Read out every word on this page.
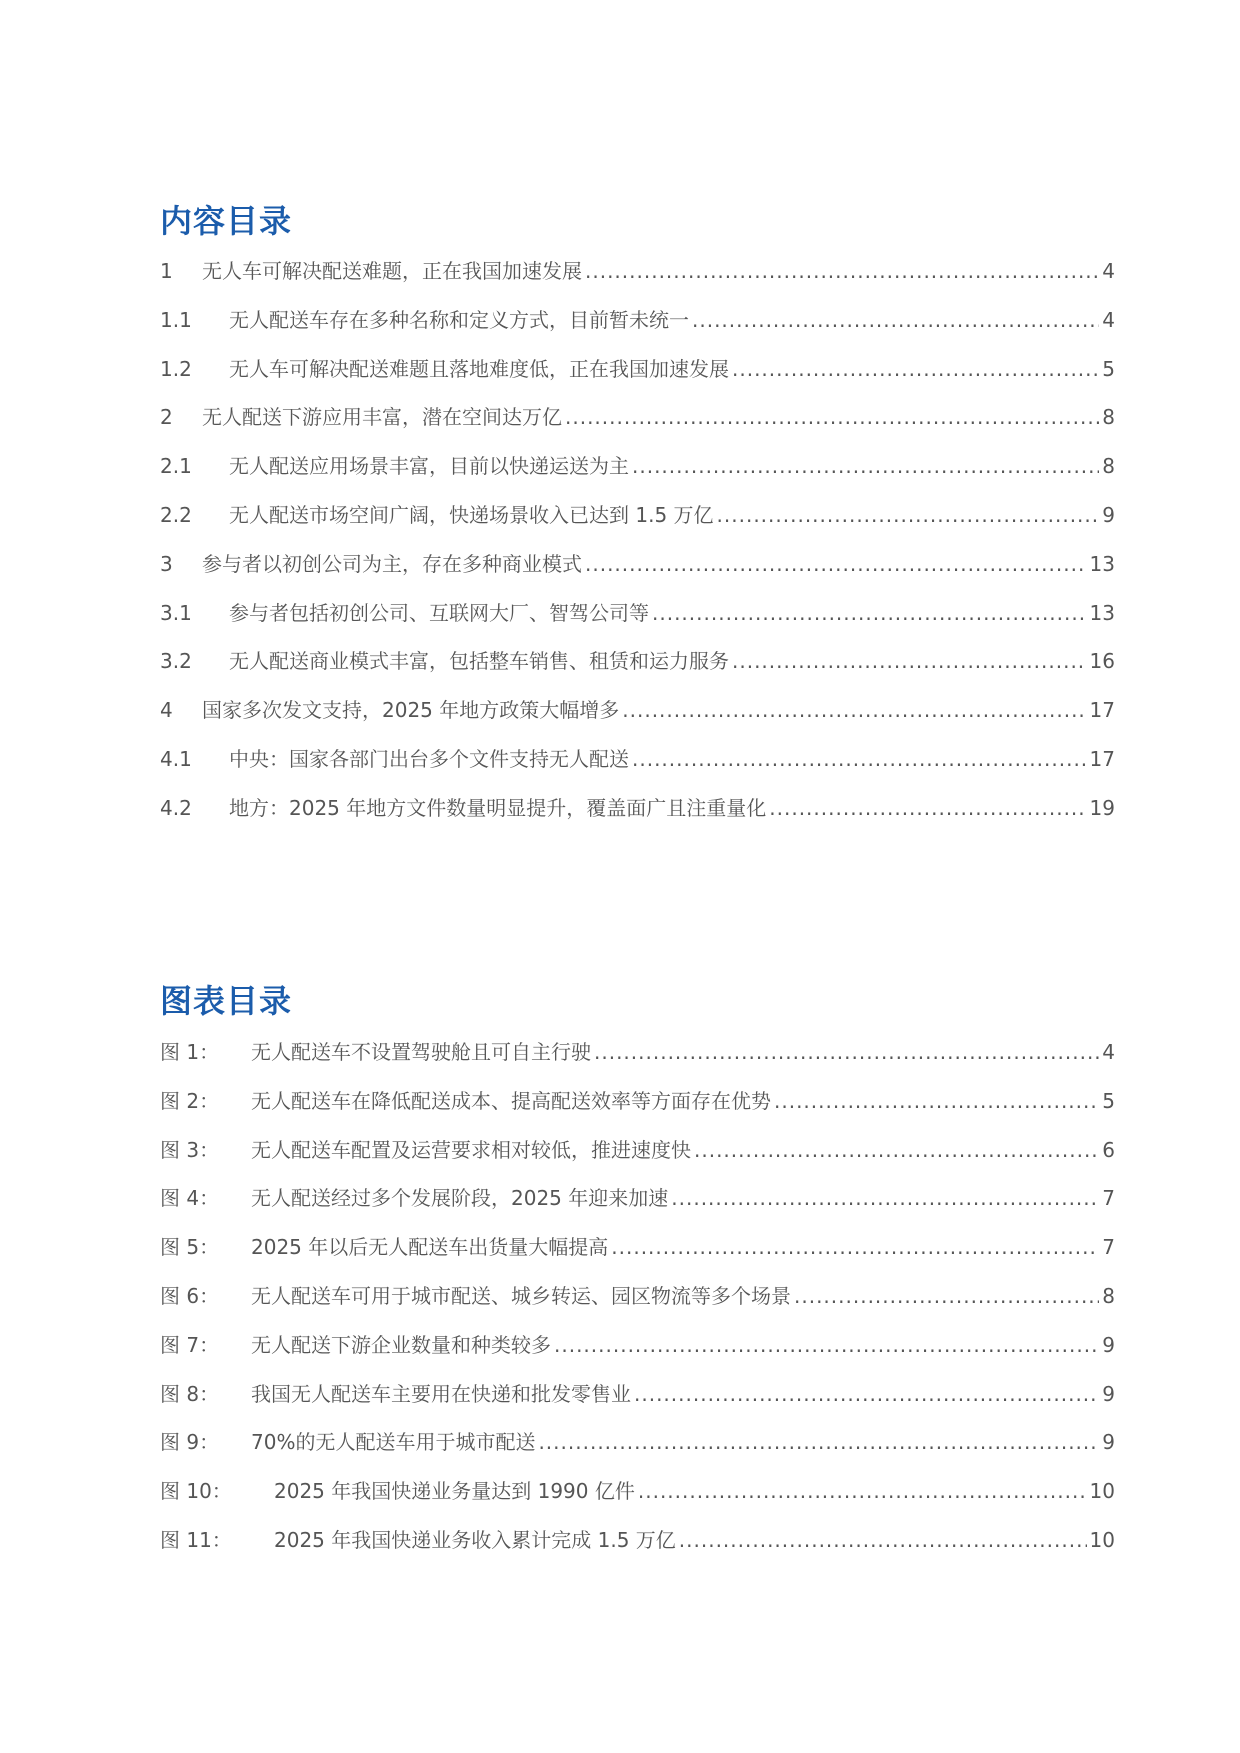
内容目录
1	无人车可解决配送难题，正在我国加速发展 .....	4
1.1	无人配送车存在多种名称和定义方式，目前暂未统一 .....	4
1.2	无人车可解决配送难题且落地难度低，正在我国加速发展 .....	5
2	无人配送下游应用丰富，潜在空间达万亿 .....	8
2.1	无人配送应用场景丰富，目前以快递运送为主 .....	8
2.2	无人配送市场空间广阔，快递场景收入已达到 1.5 万亿 .....	9
3	参与者以初创公司为主，存在多种商业模式 .....	13
3.1	参与者包括初创公司、互联网大厂、智驾公司等 .....	13
3.2	无人配送商业模式丰富，包括整车销售、租赁和运力服务 .....	16
4	国家多次发文支持，2025 年地方政策大幅增多 .....	17
4.1	中央：国家各部门出台多个文件支持无人配送 .....	17
4.2	地方：2025 年地方文件数量明显提升，覆盖面广且注重量化 .....	19
图表目录
图 1：	无人配送车不设置驾驶舱且可自主行驶 .....	4
图 2：	无人配送车在降低配送成本、提高配送效率等方面存在优势 .....	5
图 3：	无人配送车配置及运营要求相对较低，推进速度快 .....	6
图 4：	无人配送经过多个发展阶段，2025 年迎来加速 .....	7
图 5：	2025 年以后无人配送车出货量大幅提高 .....	7
图 6：	无人配送车可用于城市配送、城乡转运、园区物流等多个场景 .....	8
图 7：	无人配送下游企业数量和种类较多 .....	9
图 8：	我国无人配送车主要用在快递和批发零售业 .....	9
图 9：	70%的无人配送车用于城市配送 .....	9
图 10：	2025 年我国快递业务量达到 1990 亿件 .....	10
图 11：	2025 年我国快递业务收入累计完成 1.5 万亿 .....	10
